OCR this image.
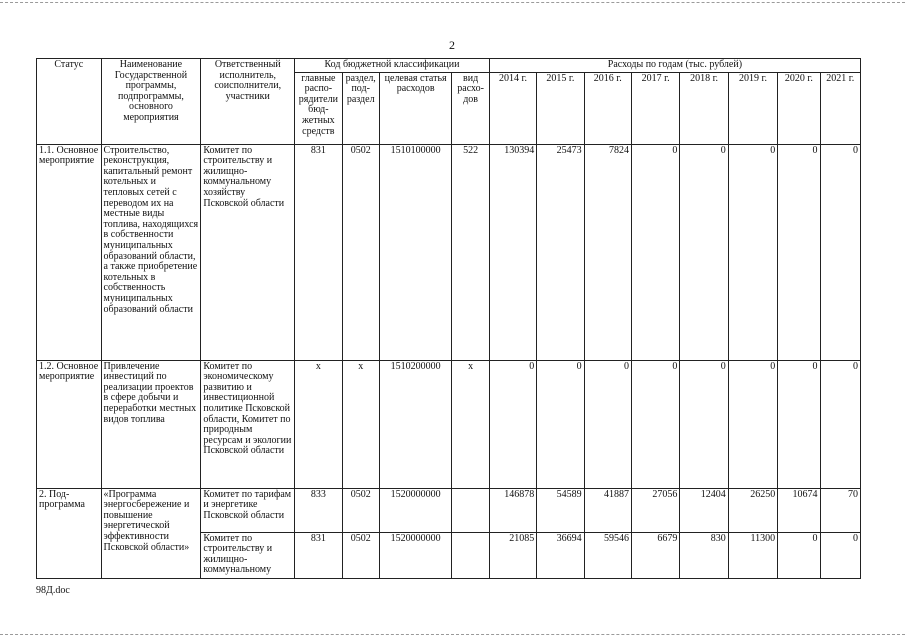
2
Статус	Наименование Государственной программы, подпрограммы, основного мероприятия	Ответственный исполнитель, соисполнители, участники	Код бюджетной классификации				Расходы по годам (тыс. рублей)							
			главные распо-рядители бюд-жетных средств	раздел, под-раздел	целевая статья расходов	вид расхо-дов	2014 г.	2015 г.	2016 г.	2017 г.	2018 г.	2019 г.	2020 г.	2021 г.
1.1. Основное мероприятие	Строительство, реконструкция, капитальный ремонт котельных и тепловых сетей с переводом их на местные виды топлива, находящихся в собственности муниципальных образований области, а также приобретение котельных в собственность муниципальных образований области	Комитет по строительству и жилищно-коммунальному хозяйству Псковской области	831	0502	1510100000	522	130394	25473	7824	0	0	0	0	0
1.2. Основное мероприятие	Привлечение инвестиций по реализации проектов в сфере добычи и переработки местных видов топлива	Комитет по экономическому развитию и инвестиционной политике Псковской области, Комитет по природным ресурсам и экологии Псковской области	x	x	1510200000	x	0	0	0	0	0	0	0	0
2. Под-программа	«Программа энергосбережение и повышение энергетической эффективности Псковской области»	Комитет по тарифам и энергетике Псковской области	833	0502	1520000000		146878	54589	41887	27056	12404	26250	10674	70
		Комитет по строительству и жилищно-коммунальному	831	0502	1520000000		21085	36694	59546	6679	830	11300	0	0
98Д.doc
